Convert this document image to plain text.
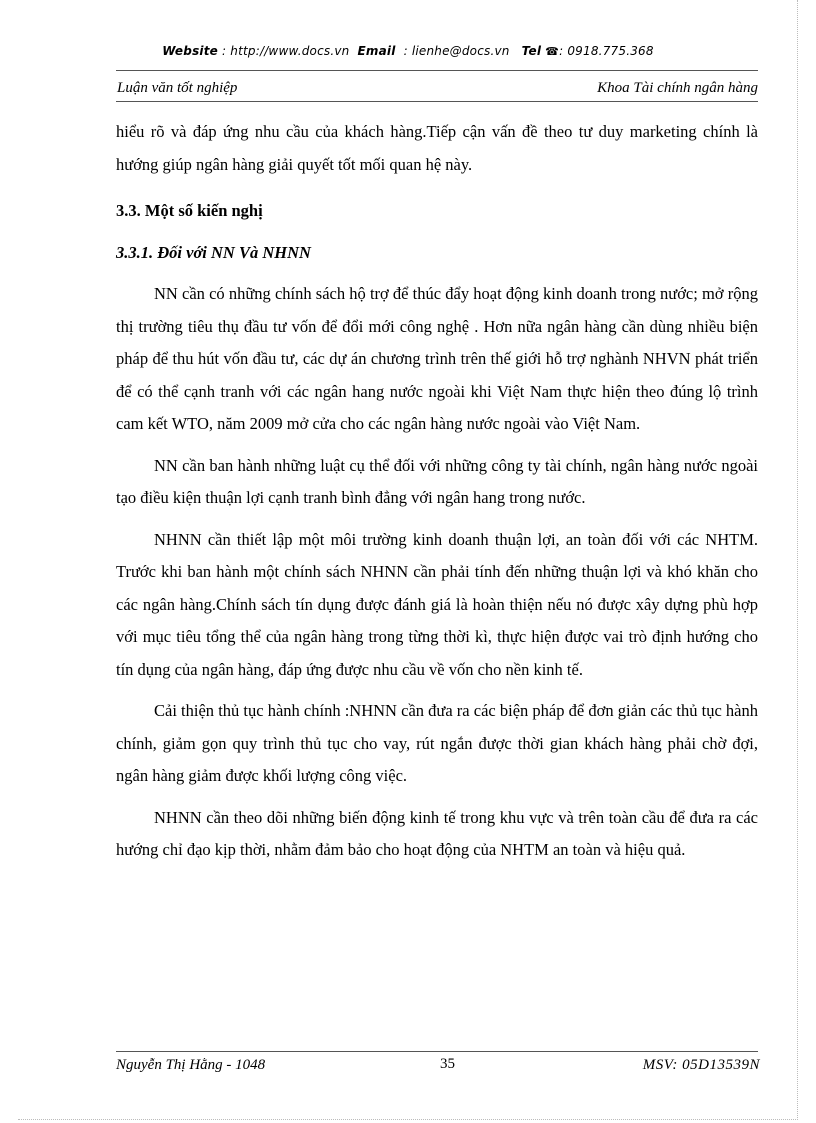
Website : http://www.docs.vn Email : lienhe@docs.vn Tel ☎: 0918.775.368
Luận văn tốt nghiệp	Khoa Tài chính ngân hàng

hiểu rõ và đáp ứng nhu cầu của khách hàng.Tiếp cận vấn đề theo tư duy marketing chính là hướng giúp ngân hàng giải quyết tốt mối quan hệ này.

3.3. Một số kiến nghị

3.3.1. Đối với NN Và NHNN

NN cần có những chính sách hộ trợ để thúc đẩy hoạt động kinh doanh trong nước; mở rộng thị trường tiêu thụ đầu tư vốn để đổi mới công nghệ . Hơn nữa ngân hàng cần dùng nhiều biện pháp để thu hút vốn đầu tư, các dự án chương trình trên thế giới hỗ trợ nghành NHVN phát triển để có thể cạnh tranh với các ngân hang nước ngoài khi Việt Nam thực hiện theo đúng lộ trình cam kết WTO, năm 2009 mở cửa cho các ngân hàng nước ngoài vào Việt Nam.

NN cần ban hành những luật cụ thể đối với những công ty tài chính, ngân hàng nước ngoài tạo điều kiện thuận lợi cạnh tranh bình đẳng với ngân hang trong nước.

NHNN cần thiết lập một môi trường kinh doanh thuận lợi, an toàn đối với các NHTM. Trước khi ban hành một chính sách NHNN cần phải tính đến những thuận lợi và khó khăn cho các ngân hàng.Chính sách tín dụng được đánh giá là hoàn thiện nếu nó được xây dựng phù hợp với mục tiêu tổng thể của ngân hàng trong từng thời kì, thực hiện được vai trò định hướng cho tín dụng của ngân hàng, đáp ứng được nhu cầu về vốn cho nền kinh tế.

Cải thiện thủ tục hành chính :NHNN cần đưa ra các biện pháp để đơn giản các thủ tục hành chính, giảm gọn quy trình thủ tục cho vay, rút ngắn được thời gian khách hàng phải chờ đợi, ngân hàng giảm được khối lượng công việc.

NHNN cần theo dõi những biến động kinh tế trong khu vực và trên toàn cầu để đưa ra các hướng chỉ đạo kịp thời, nhằm đảm bảo cho hoạt động của NHTM an toàn và hiệu quả.

Nguyễn Thị Hằng - 1048	35	MSV: 05D13539N
